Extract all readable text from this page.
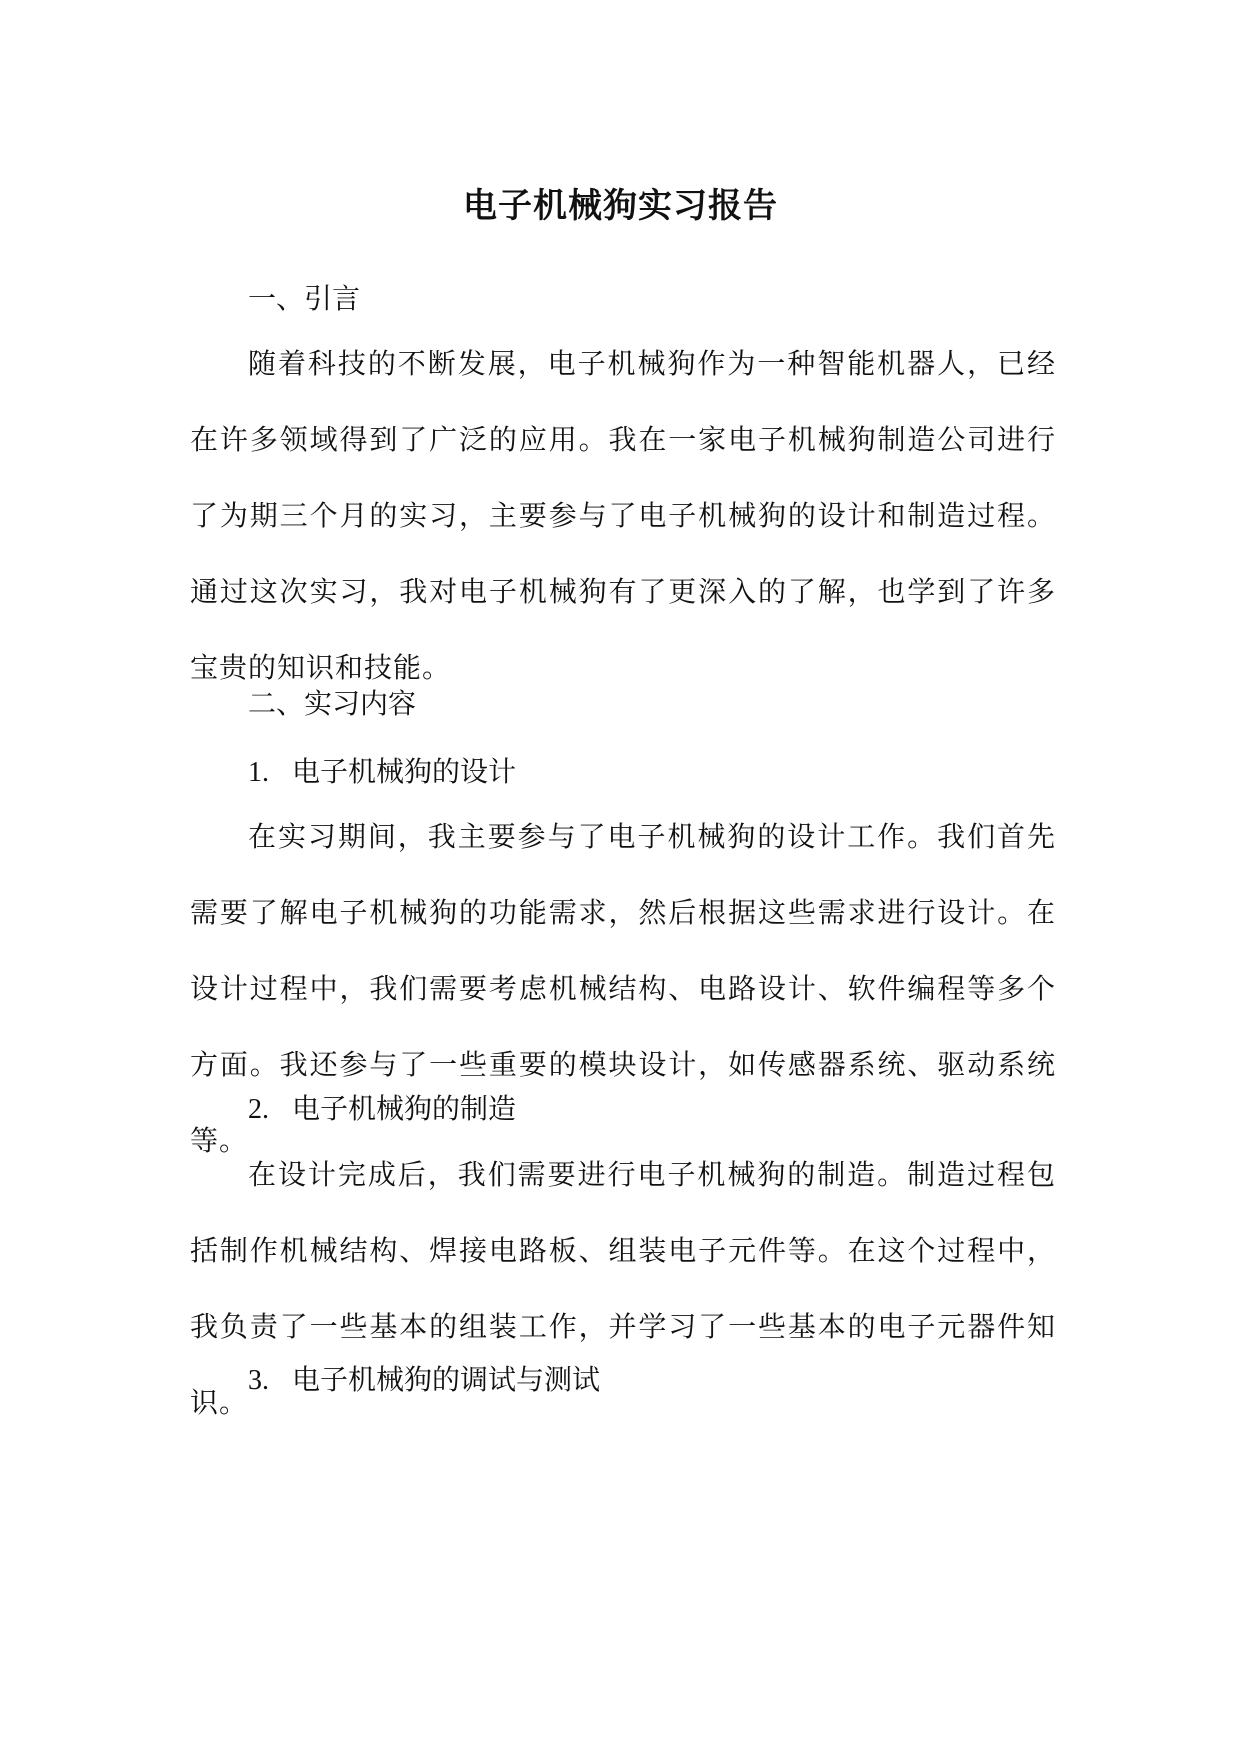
电子机械狗实习报告
一、引言

随着科技的不断发展，电子机械狗作为一种智能机器人，已经在许多领域得到了广泛的应用。我在一家电子机械狗制造公司进行了为期三个月的实习，主要参与了电子机械狗的设计和制造过程。通过这次实习，我对电子机械狗有了更深入的了解，也学到了许多宝贵的知识和技能。

二、实习内容
1. 电子机械狗的设计

在实习期间，我主要参与了电子机械狗的设计工作。我们首先需要了解电子机械狗的功能需求，然后根据这些需求进行设计。在设计过程中，我们需要考虑机械结构、电路设计、软件编程等多个方面。我还参与了一些重要的模块设计，如传感器系统、驱动系统等。

2. 电子机械狗的制造

在设计完成后，我们需要进行电子机械狗的制造。制造过程包括制作机械结构、焊接电路板、组装电子元件等。在这个过程中，我负责了一些基本的组装工作，并学习了一些基本的电子元器件知识。

3. 电子机械狗的调试与测试
